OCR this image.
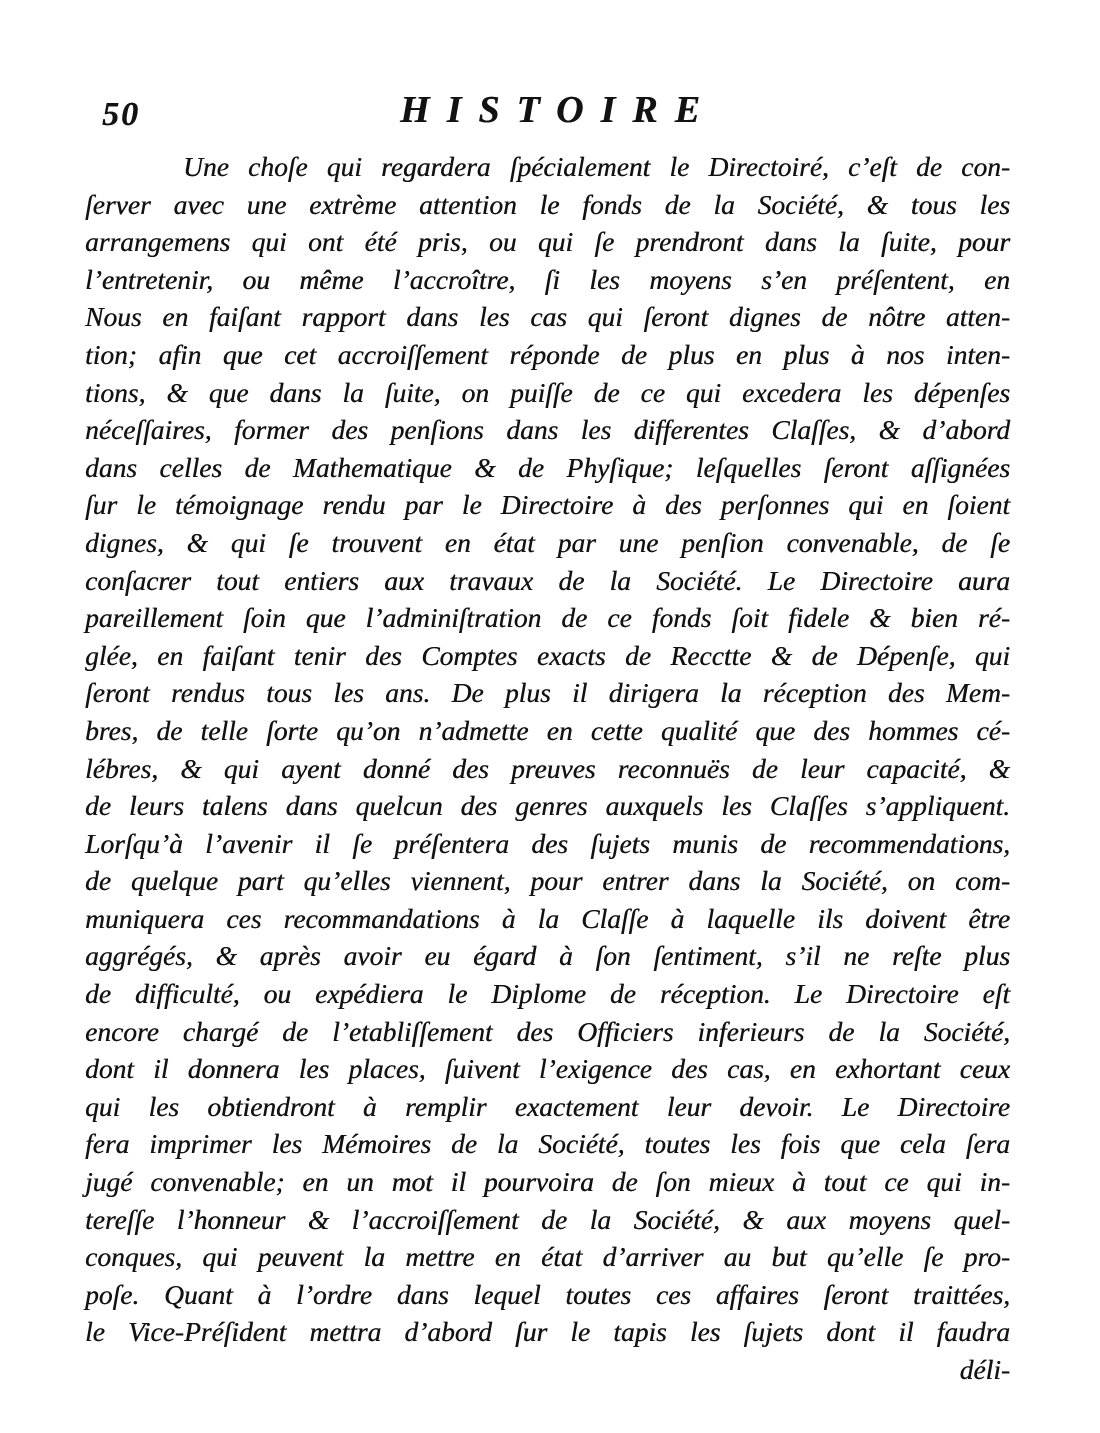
50	HISTOIRE
Une choſe qui regardera ſpécialement le Directoiré, c’eſt de con-
ſerver avec une extrème attention le fonds de la Société, & tous les
arrangemens qui ont été pris, ou qui ſe prendront dans la ſuite, pour
l’entretenir, ou même l’accroître, ſi les moyens s’en préſentent, en
Nous en faiſant rapport dans les cas qui ſeront dignes de nôtre atten-
tion; afin que cet accroiſſement réponde de plus en plus à nos inten-
tions, & que dans la ſuite, on puiſſe de ce qui excedera les dépenſes
néceſſaires, former des penſions dans les differentes Claſſes, & d’abord
dans celles de Mathematique & de Phyſique; leſquelles ſeront aſſignées
ſur le témoignage rendu par le Directoire à des perſonnes qui en ſoient
dignes, & qui ſe trouvent en état par une penſion convenable, de ſe
conſacrer tout entiers aux travaux de la Société. Le Directoire aura
pareillement ſoin que l’adminiſtration de ce fonds ſoit fidele & bien ré-
glée, en faiſant tenir des Comptes exacts de Recctte & de Dépenſe, qui
ſeront rendus tous les ans. De plus il dirigera la réception des Mem-
bres, de telle ſorte qu’on n’admette en cette qualité que des hommes cé-
lébres, & qui ayent donné des preuves reconnuës de leur capacité, &
de leurs talens dans quelcun des genres auxquels les Claſſes s’appliquent.
Lorſqu’à l’avenir il ſe préſentera des ſujets munis de recommendations,
de quelque part qu’elles viennent, pour entrer dans la Société, on com-
muniquera ces recommandations à la Claſſe à laquelle ils doivent être
aggrégés, & après avoir eu égard à ſon ſentiment, s’il ne reſte plus
de difficulté, ou expédiera le Diplome de réception. Le Directoire eſt
encore chargé de l’etabliſſement des Officiers inferieurs de la Société,
dont il donnera les places, ſuivent l’exigence des cas, en exhortant ceux
qui les obtiendront à remplir exactement leur devoir. Le Directoire
fera imprimer les Mémoires de la Société, toutes les fois que cela ſera
jugé convenable; en un mot il pourvoira de ſon mieux à tout ce qui in-
tereſſe l’honneur & l’accroiſſement de la Société, & aux moyens quel-
conques, qui peuvent la mettre en état d’arriver au but qu’elle ſe pro-
poſe. Quant à l’ordre dans lequel toutes ces affaires ſeront traittées,
le Vice-Préſident mettra d’abord ſur le tapis les ſujets dont il faudra
déli-
